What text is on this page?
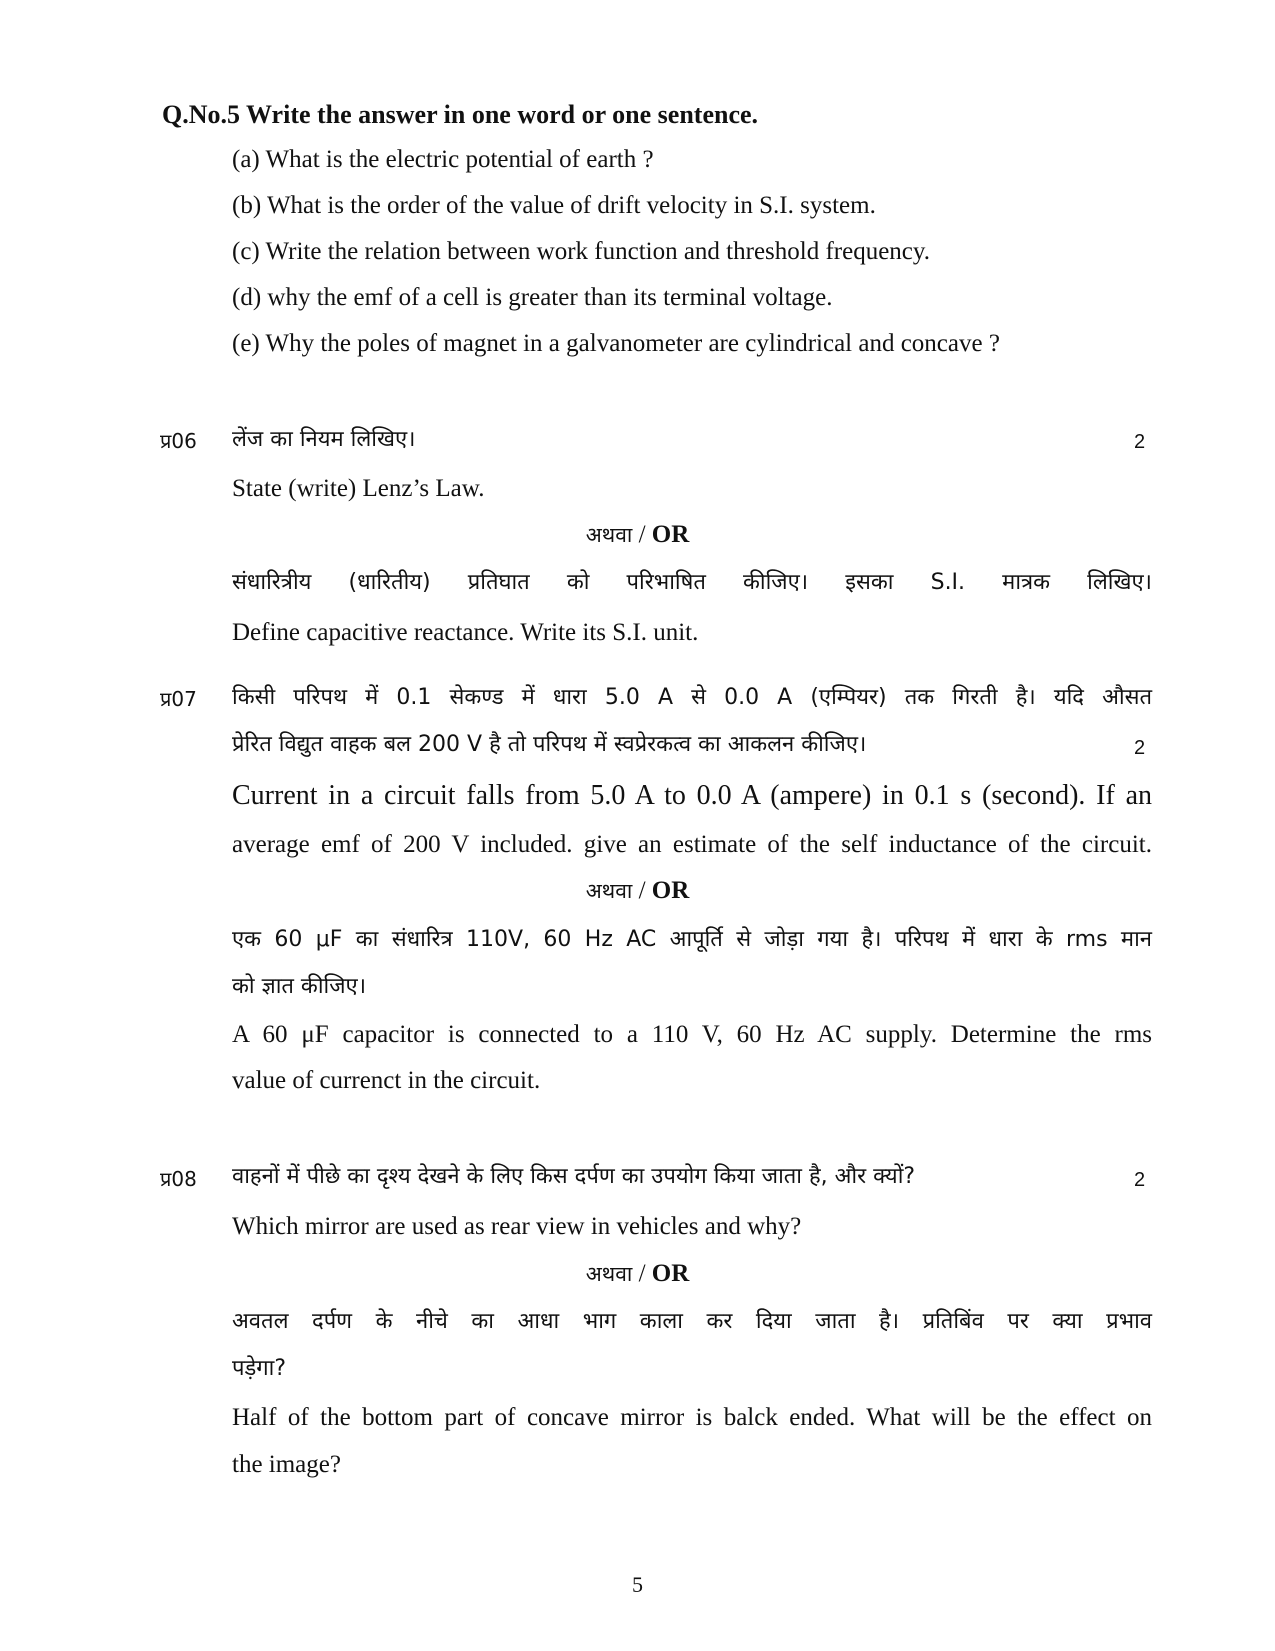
Q.No.5 Write the answer in one word or one sentence.
(a) What is the electric potential of earth ?
(b) What is the order of the value of drift velocity in S.I. system.
(c) Write the relation between work function and threshold frequency.
(d) why the emf of a cell is greater than its terminal voltage.
(e) Why the poles of magnet in a galvanometer are cylindrical and concave ?
प्र06 लेंज का नियम लिखिए।	2
State (write) Lenz’s Law.
अथवा / OR
संधारित्रीय (धारितीय) प्रतिघात को परिभाषित कीजिए। इसका S.I. मात्रक लिखिए।
Define capacitive reactance. Write its S.I. unit.
प्र07 किसी परिपथ में 0.1 सेकण्ड में धारा 5.0 A से 0.0 A (एम्पियर) तक गिरती है। यदि औसत
प्रेरित विद्युत वाहक बल 200 V है तो परिपथ में स्वप्रेरकत्व का आकलन कीजिए।	2
Current in a circuit falls from 5.0 A to 0.0 A (ampere) in 0.1 s (second). If an
average emf of 200 V included. give an estimate of the self inductance of the circuit.
अथवा / OR
एक 60 μF का संधारित्र 110V, 60 Hz AC आपूर्ति से जोड़ा गया है। परिपथ में धारा के rms मान
को ज्ञात कीजिए।
A 60 μF capacitor is connected to a 110 V, 60 Hz AC supply. Determine the rms
value of currenct in the circuit.
प्र08 वाहनों में पीछे का दृश्य देखने के लिए किस दर्पण का उपयोग किया जाता है, और क्यों?	2
Which mirror are used as rear view in vehicles and why?
अथवा / OR
अवतल दर्पण के नीचे का आधा भाग काला कर दिया जाता है। प्रतिबिंव पर क्या प्रभाव
पड़ेगा?
Half of the bottom part of concave mirror is balck ended. What will be the effect on
the image?
5
